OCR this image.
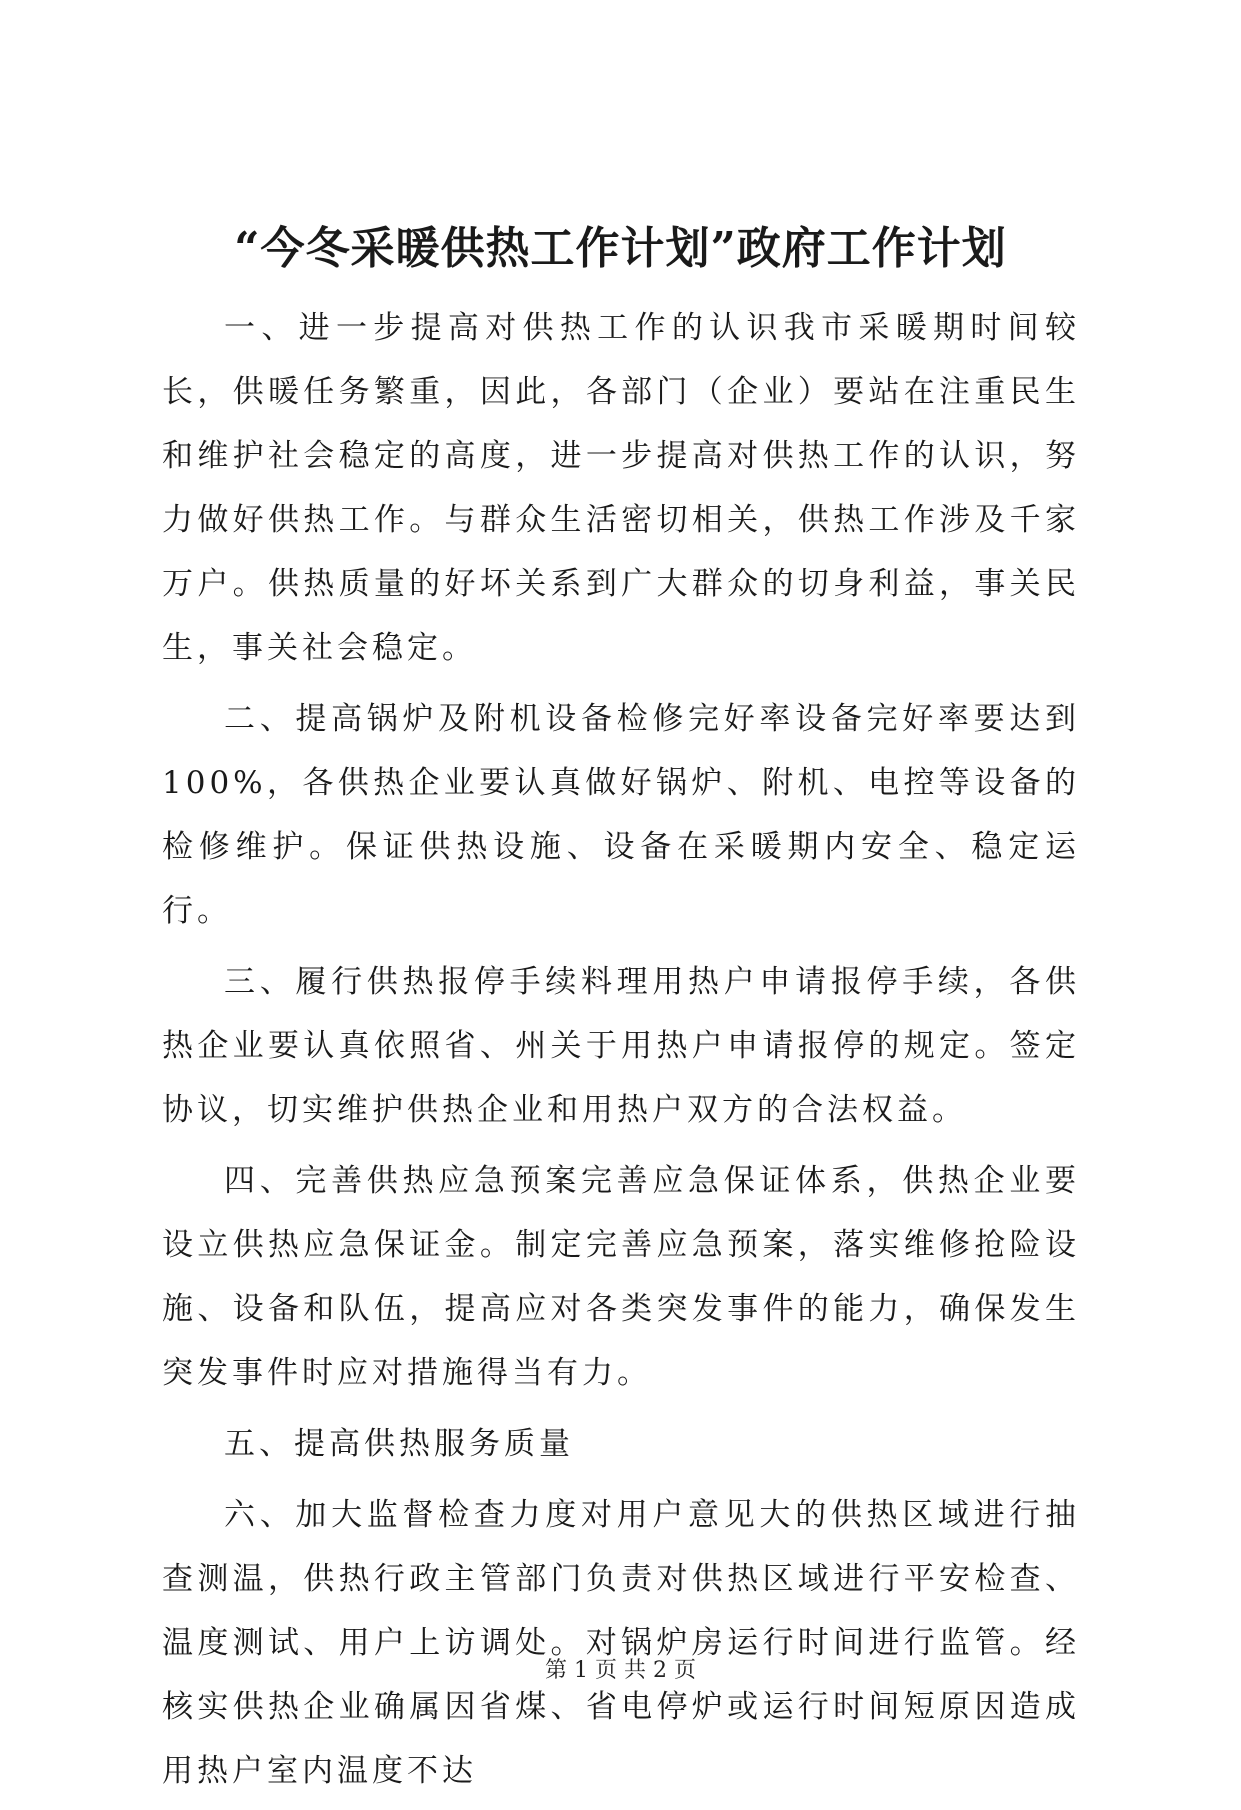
“今冬采暖供热工作计划”政府工作计划

一、进一步提高对供热工作的认识我市采暖期时间较长，供暖任务繁重，因此，各部门（企业）要站在注重民生和维护社会稳定的高度，进一步提高对供热工作的认识，努力做好供热工作。与群众生活密切相关，供热工作涉及千家万户。供热质量的好坏关系到广大群众的切身利益，事关民生，事关社会稳定。

二、提高锅炉及附机设备检修完好率设备完好率要达到100%，各供热企业要认真做好锅炉、附机、电控等设备的检修维护。保证供热设施、设备在采暖期内安全、稳定运行。

三、履行供热报停手续料理用热户申请报停手续，各供热企业要认真依照省、州关于用热户申请报停的规定。签定协议，切实维护供热企业和用热户双方的合法权益。

四、完善供热应急预案完善应急保证体系，供热企业要设立供热应急保证金。制定完善应急预案，落实维修抢险设施、设备和队伍，提高应对各类突发事件的能力，确保发生突发事件时应对措施得当有力。

五、提高供热服务质量

六、加大监督检查力度对用户意见大的供热区域进行抽查测温，供热行政主管部门负责对供热区域进行平安检查、温度测试、用户上访调处。对锅炉房运行时间进行监管。经核实供热企业确属因省煤、省电停炉或运行时间短原因造成用热户室内温度不达

第 1 页 共 2 页
